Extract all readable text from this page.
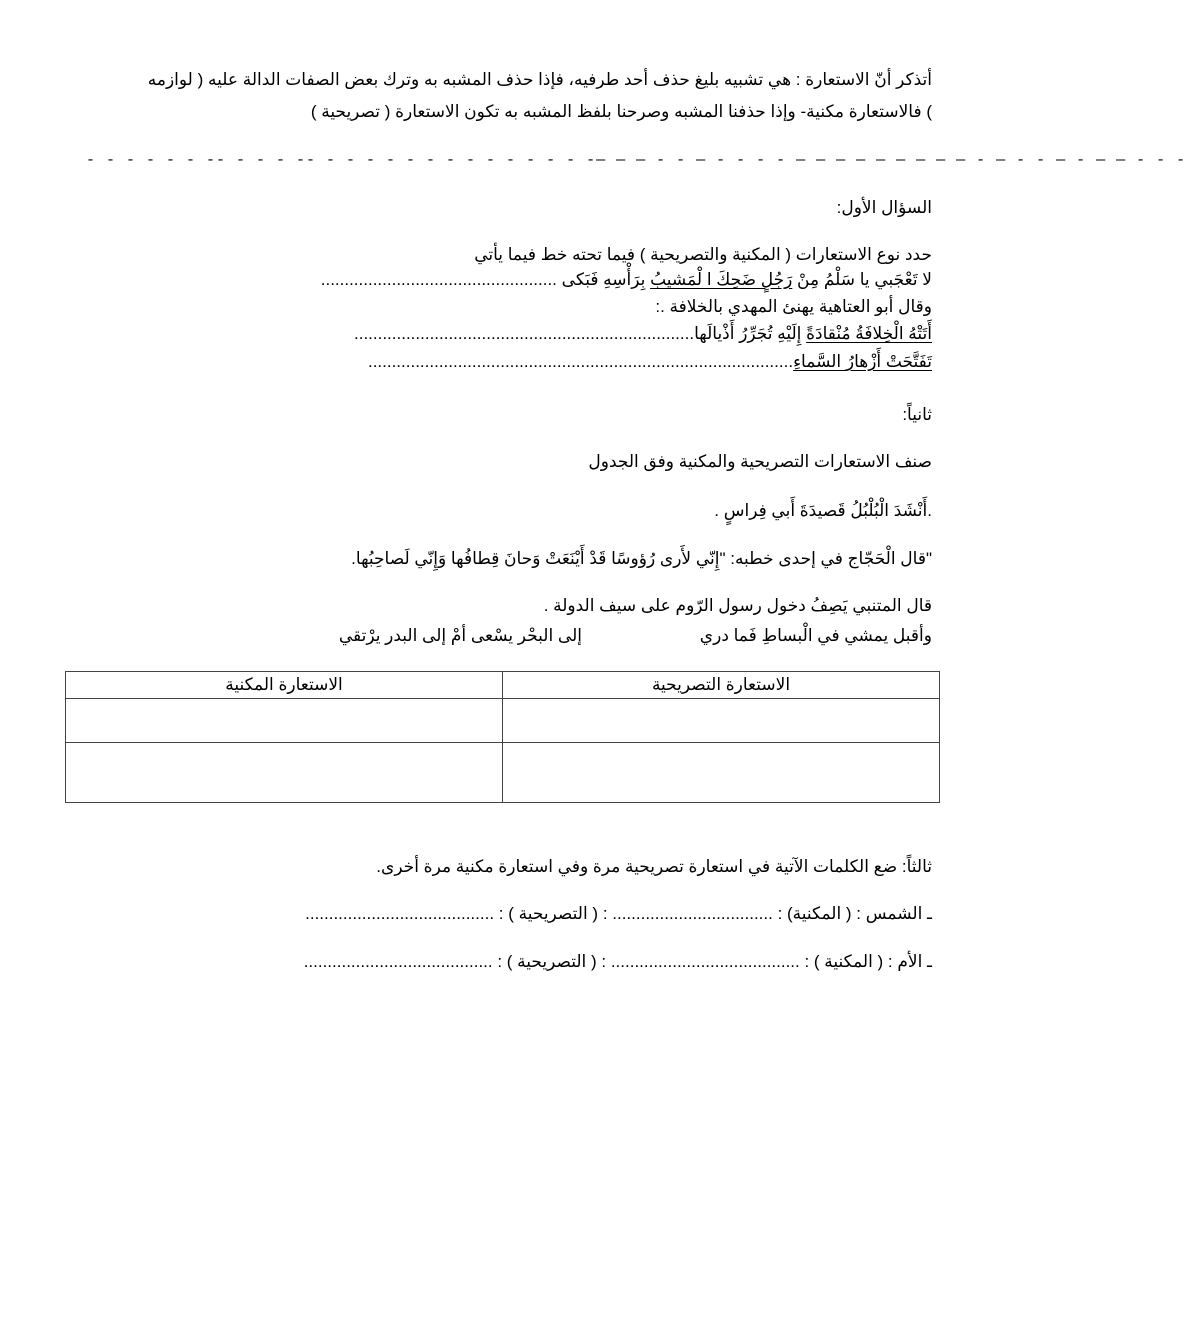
أتذكر أنّ الاستعارة : هي تشبيه بليغ حذف أحد طرفيه، فإذا حذف المشبه به وترك بعض الصفات الدالة عليه ( لوازمه
) فالاستعارة مكنية- وإذا حذفنا المشبه وصرحنا بلفظ المشبه به تكون الاستعارة ( تصريحية )
- - - - - - -- - - - -- - - - - - - - - - - - - - -— — — - - — - - - - — — — — — — — — — - — - - — - — — - - -
السؤال الأول:
حدد نوع الاستعارات ( المكنية والتصريحية ) فيما تحته خط فيما يأتي
لا تَعْجَبي يا سَلْمُ مِنْ رَجُلٍ ضَحِكَ ا لْمَشيبُ بِرَأْسِهِ فَبَكى ..................................................
وقال أبو العتاهية يهنئ المهدي بالخلافة .:
أَتَتْهُ الْخِلافَةُ مُنْقادَةً إِلَيْهِ تُجَرِّرُ أَذْيالَها........................................................................
تَفَتَّحَتْ أَزْهارُ السَّماءِ..........................................................................................
ثانياً:
صنف الاستعارات التصريحية والمكنية وفق الجدول
.أَنْشَدَ الْبُلْبُلُ قَصيدَةَ أَبي فِراسٍ .
"قال الْحَجّاج في إحدى خطبه: "إِنّي لأَرى رُؤوسًا قَدْ أَيْنَعَتْ وَحانَ قِطافُها وَإِنّي لَصاحِبُها.
قال المتنبي يَصِفُ دخول رسول الرّوم على سيف الدولة .
وأقبل يمشي في الْبساطِ فَما دري
إلى البحْر يسْعى أمْ إلى البدر يرْتقي
الاستعارة التصريحية	الاستعارة المكنية

ثالثاً: ضع الكلمات الآتية في استعارة تصريحية مرة وفي استعارة مكنية مرة أخرى.
ـ الشمس : ( المكنية) : .................................. : ( التصريحية ) : ........................................
ـ الأم : ( المكنية ) : ........................................ : ( التصريحية ) : ........................................
